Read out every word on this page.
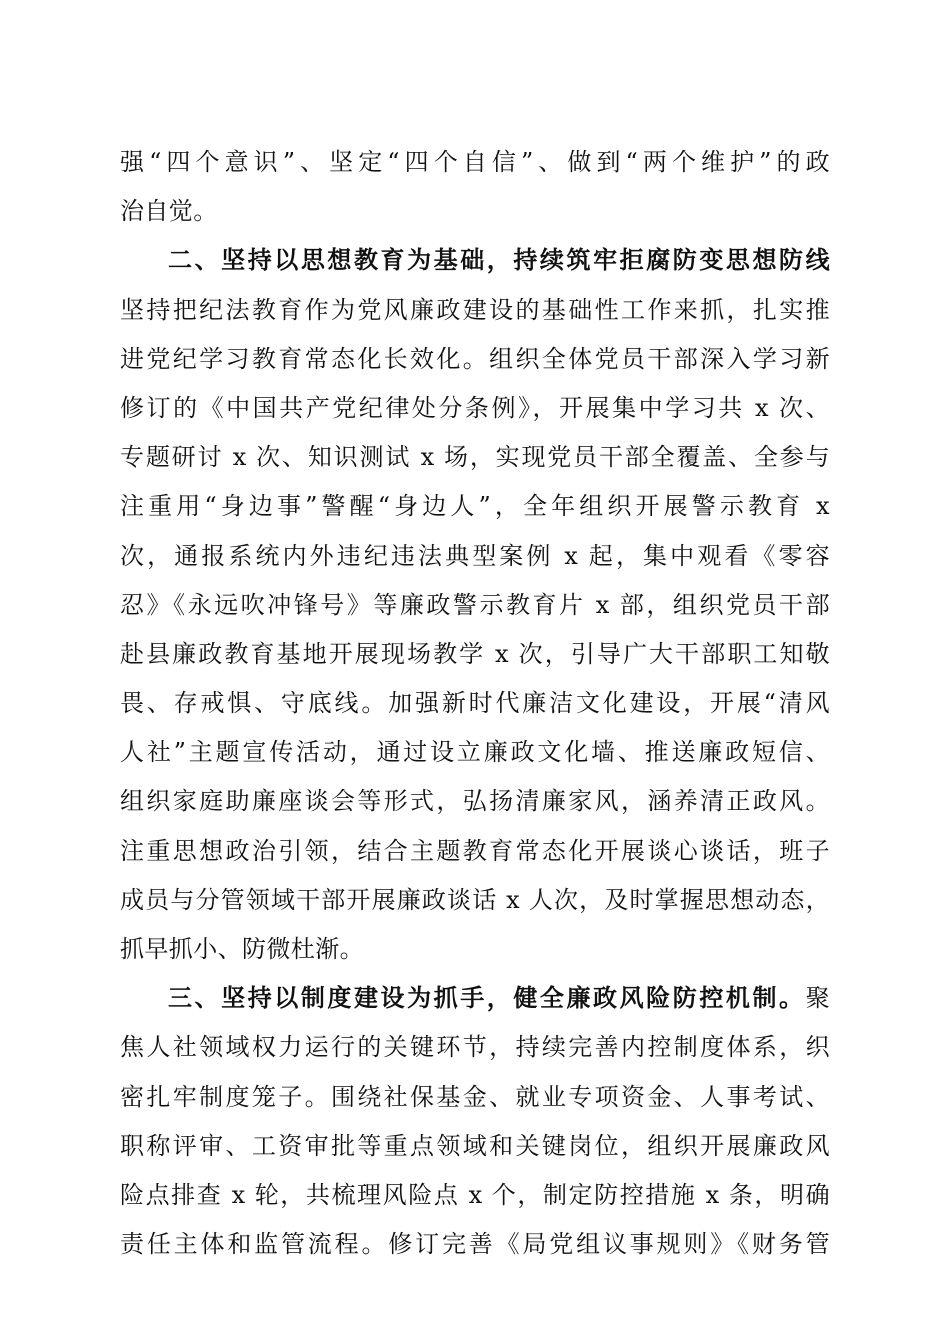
强“四个意识”、坚定“四个自信”、做到“两个维护”的政
治自觉。
二、坚持以思想教育为基础，持续筑牢拒腐防变思想防线
坚持把纪法教育作为党风廉政建设的基础性工作来抓，扎实推
进党纪学习教育常态化长效化。组织全体党员干部深入学习新
修订的《中国共产党纪律处分条例》，开展集中学习共 x 次、
专题研讨 x 次、知识测试 x 场，实现党员干部全覆盖、全参与
注重用“身边事”警醒“身边人”，全年组织开展警示教育 x
次，通报系统内外违纪违法典型案例 x 起，集中观看《零容
忍》《永远吹冲锋号》等廉政警示教育片 x 部，组织党员干部
赴县廉政教育基地开展现场教学 x 次，引导广大干部职工知敬
畏、存戒惧、守底线。加强新时代廉洁文化建设，开展“清风
人社”主题宣传活动，通过设立廉政文化墙、推送廉政短信、
组织家庭助廉座谈会等形式，弘扬清廉家风，涵养清正政风。
注重思想政治引领，结合主题教育常态化开展谈心谈话，班子
成员与分管领域干部开展廉政谈话 x 人次，及时掌握思想动态，
抓早抓小、防微杜渐。
三、坚持以制度建设为抓手，健全廉政风险防控机制。聚
焦人社领域权力运行的关键环节，持续完善内控制度体系，织
密扎牢制度笼子。围绕社保基金、就业专项资金、人事考试、
职称评审、工资审批等重点领域和关键岗位，组织开展廉政风
险点排查 x 轮，共梳理风险点 x 个，制定防控措施 x 条，明确
责任主体和监管流程。修订完善《局党组议事规则》《财务管
